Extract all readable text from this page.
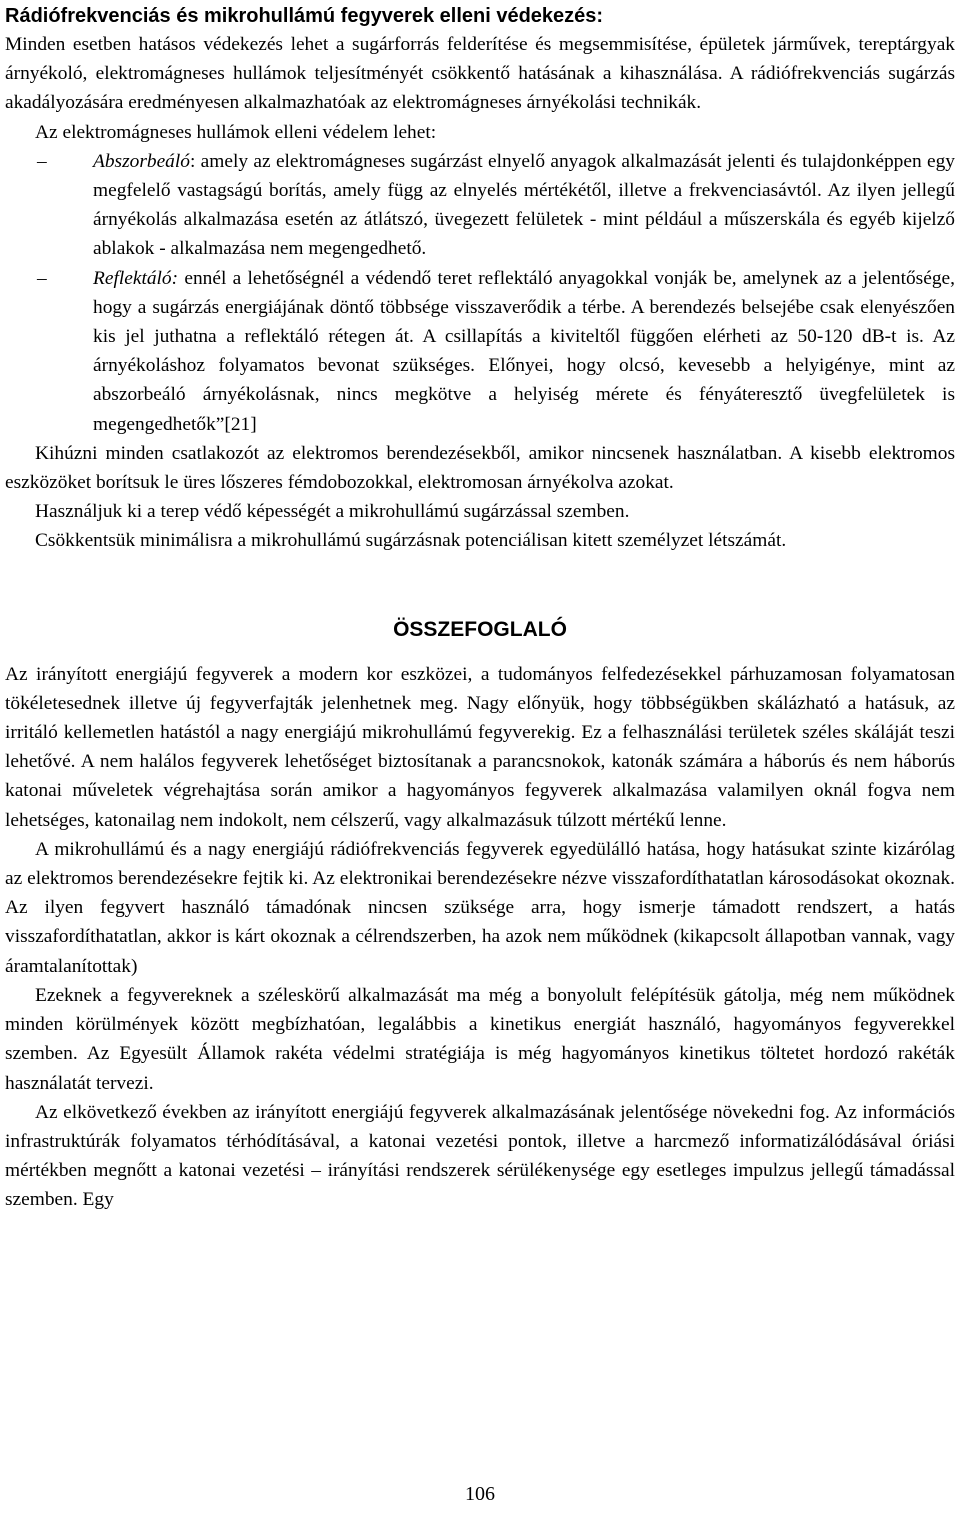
Rádiófrekvenciás és mikrohullámú fegyverek elleni védekezés:

Minden esetben hatásos védekezés lehet a sugárforrás felderítése és megsemmisítése, épületek járművek, tereptárgyak árnyékoló, elektromágneses hullámok teljesítményét csökkentő hatásának a kihasználása. A rádiófrekvenciás sugárzás akadályozására eredményesen alkalmazhatóak az elektromágneses árnyékolási technikák.

Az elektromágneses hullámok elleni védelem lehet:

– Abszorbeáló: amely az elektromágneses sugárzást elnyelő anyagok alkalmazását jelenti és tulajdonképpen egy megfelelő vastagságú borítás, amely függ az elnyelés mértékétől, illetve a frekvenciasávtól. Az ilyen jellegű árnyékolás alkalmazása esetén az átlátszó, üvegezett felületek - mint például a műszerskála és egyéb kijelző ablakok - alkalmazása nem megengedhető.
– Reflektáló: ennél a lehetőségnél a védendő teret reflektáló anyagokkal vonják be, amelynek az a jelentősége, hogy a sugárzás energiájának döntő többsége visszaverődik a térbe. A berendezés belsejébe csak elenyészően kis jel juthatna a reflektáló rétegen át. A csillapítás a kiviteltől függően elérheti az 50-120 dB-t is. Az árnyékoláshoz folyamatos bevonat szükséges. Előnyei, hogy olcsó, kevesebb a helyigénye, mint az abszorbeáló árnyékolásnak, nincs megkötve a helyiség mérete és fényáteresztő üvegfelületek is megengedhetők”[21]

Kihúzni minden csatlakozót az elektromos berendezésekből, amikor nincsenek használatban. A kisebb elektromos eszközöket borítsuk le üres lőszeres fémdobozokkal, elektromosan árnyékolva azokat.

Használjuk ki a terep védő képességét a mikrohullámú sugárzással szemben.

Csökkentsük minimálisra a mikrohullámú sugárzásnak potenciálisan kitett személyzet létszámát.

ÖSSZEFOGLALÓ

Az irányított energiájú fegyverek a modern kor eszközei, a tudományos felfedezésekkel párhuzamosan folyamatosan tökéletesednek illetve új fegyverfajták jelenhetnek meg. Nagy előnyük, hogy többségükben skálázható a hatásuk, az irritáló kellemetlen hatástól a nagy energiájú mikrohullámú fegyverekig. Ez a felhasználási területek széles skáláját teszi lehetővé. A nem halálos fegyverek lehetőséget biztosítanak a parancsnokok, katonák számára a háborús és nem háborús katonai műveletek végrehajtása során amikor a hagyományos fegyverek alkalmazása valamilyen oknál fogva nem lehetséges, katonailag nem indokolt, nem célszerű, vagy alkalmazásuk túlzott mértékű lenne.

A mikrohullámú és a nagy energiájú rádiófrekvenciás fegyverek egyedülálló hatása, hogy hatásukat szinte kizárólag az elektromos berendezésekre fejtik ki. Az elektronikai berendezésekre nézve visszafordíthatatlan károsodásokat okoznak. Az ilyen fegyvert használó támadónak nincsen szüksége arra, hogy ismerje támadott rendszert, a hatás visszafordíthatatlan, akkor is kárt okoznak a célrendszerben, ha azok nem működnek (kikapcsolt állapotban vannak, vagy áramtalanítottak)

Ezeknek a fegyvereknek a széleskörű alkalmazását ma még a bonyolult felépítésük gátolja, még nem működnek minden körülmények között megbízhatóan, legalábbis a kinetikus energiát használó, hagyományos fegyverekkel szemben. Az Egyesült Államok rakéta védelmi stratégiája is még hagyományos kinetikus töltetet hordozó rakéták használatát tervezi.

Az elkövetkező években az irányított energiájú fegyverek alkalmazásának jelentősége növekedni fog. Az információs infrastruktúrák folyamatos térhódításával, a katonai vezetési pontok, illetve a harcmező informatizálódásával óriási mértékben megnőtt a katonai vezetési – irányítási rendszerek sérülékenysége egy esetleges impulzus jellegű támadással szemben. Egy

106
